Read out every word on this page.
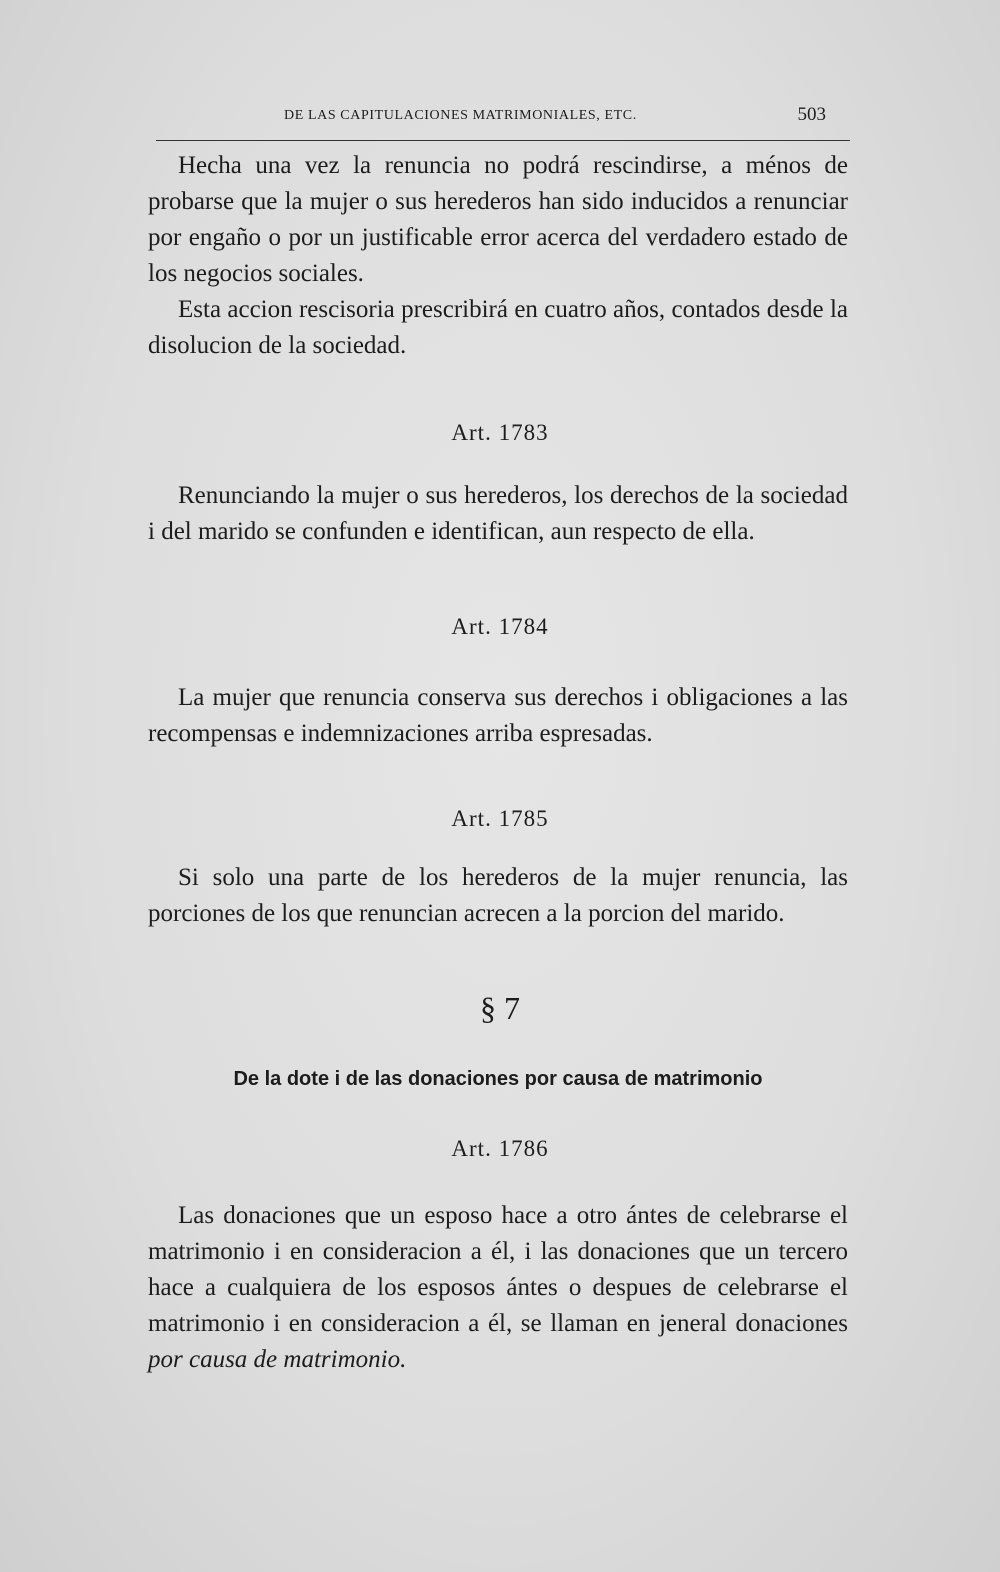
DE LAS CAPITULACIONES MATRIMONIALES, ETC.	503

Hecha una vez la renuncia no podrá rescindirse, a ménos de probarse que la mujer o sus herederos han sido inducidos a renunciar por engaño o por un justificable error acerca del verdadero estado de los negocios sociales.

Esta accion rescisoria prescribirá en cuatro años, contados desde la disolucion de la sociedad.

Art. 1783

Renunciando la mujer o sus herederos, los derechos de la sociedad i del marido se confunden e identifican, aun respecto de ella.

Art. 1784

La mujer que renuncia conserva sus derechos i obligaciones a las recompensas e indemnizaciones arriba espresadas.

Art. 1785

Si solo una parte de los herederos de la mujer renuncia, las porciones de los que renuncian acrecen a la porcion del marido.

§ 7
De la dote i de las donaciones por causa de matrimonio
Art. 1786

Las donaciones que un esposo hace a otro ántes de celebrarse el matrimonio i en consideracion a él, i las donaciones que un tercero hace a cualquiera de los esposos ántes o despues de celebrarse el matrimonio i en consideracion a él, se llaman en jeneral donaciones por causa de matrimonio.
